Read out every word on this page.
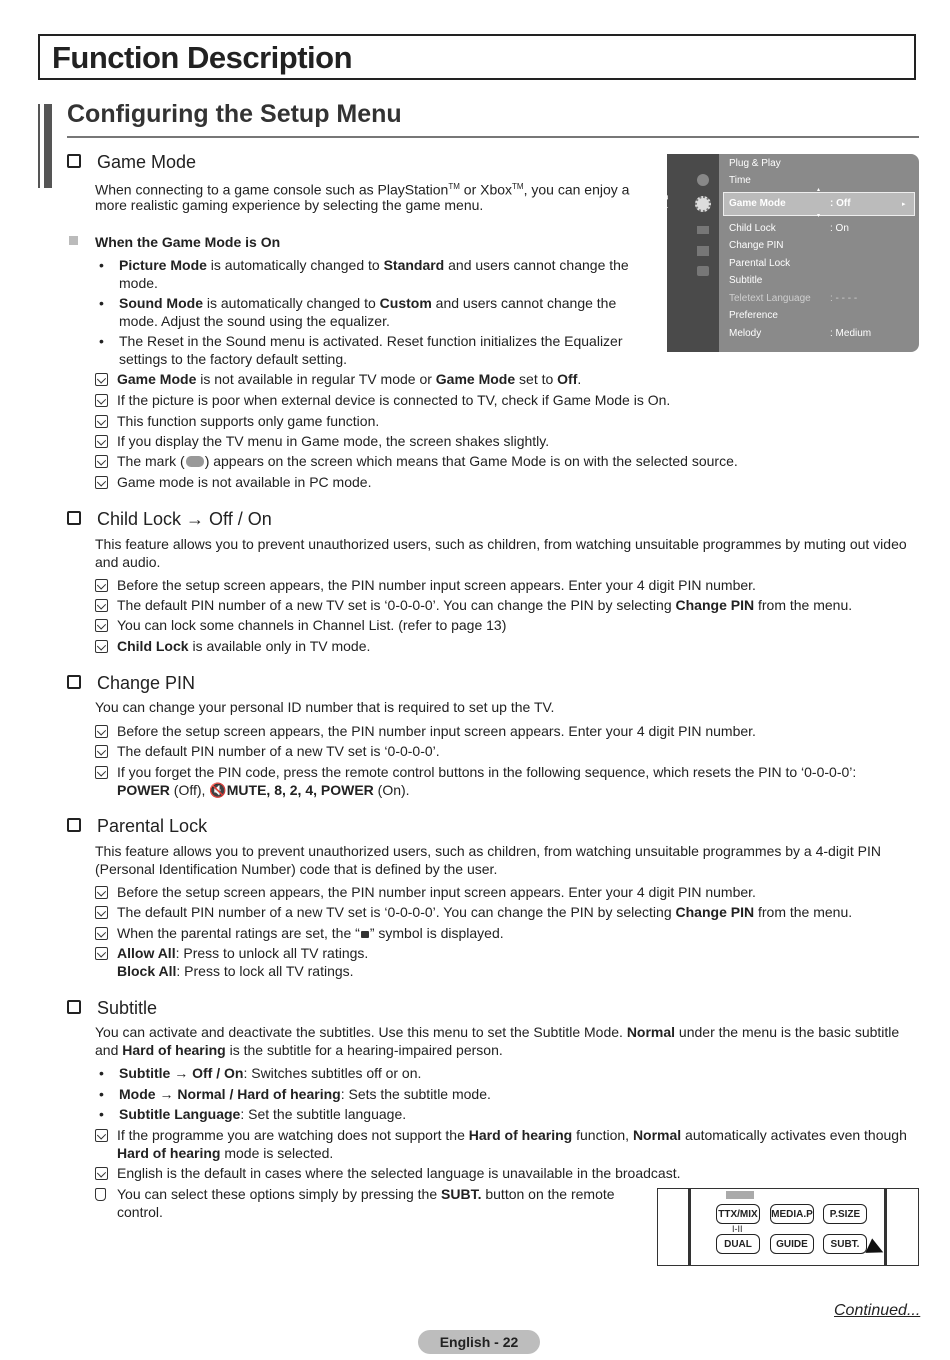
Function Description
Configuring the Setup Menu
Game Mode
When connecting to a game console such as PlayStation™ or Xbox™, you can enjoy a
more realistic gaming experience by selecting the game menu.
When the Game Mode is On
• Picture Mode is automatically changed to Standard and users cannot change the
mode.
• Sound Mode is automatically changed to Custom and users cannot change the
mode. Adjust the sound using the equalizer.
• The Reset in the Sound menu is activated. Reset function initializes the Equalizer
settings to the factory default setting.
Game Mode is not available in regular TV mode or Game Mode set to Off.
If the picture is poor when external device is connected to TV, check if Game Mode is On.
This function supports only game function.
If you display the TV menu in Game mode, the screen shakes slightly.
The mark ( ) appears on the screen which means that Game Mode is on with the selected source.
Game mode is not available in PC mode.
Setup
Plug & Play
Time
Game Mode	: Off	▸
▴
▾
Child Lock	: On
Change PIN
Parental Lock
Subtitle
Teletext Language : - - - -
Preference
Melody	: Medium
Child Lock → Off / On
This feature allows you to prevent unauthorized users, such as children, from watching unsuitable programmes by muting out video
and audio.
Before the setup screen appears, the PIN number input screen appears. Enter your 4 digit PIN number.
The default PIN number of a new TV set is ‘0-0-0-0’. You can change the PIN by selecting Change PIN from the menu.
You can lock some channels in Channel List. (refer to page 13)
Child Lock is available only in TV mode.
Change PIN
You can change your personal ID number that is required to set up the TV.
Before the setup screen appears, the PIN number input screen appears. Enter your 4 digit PIN number.
The default PIN number of a new TV set is ‘0-0-0-0’.
If you forget the PIN code, press the remote control buttons in the following sequence, which resets the PIN to ‘0-0-0-0’:
POWER (Off), 🔇MUTE, 8, 2, 4, POWER (On).
Parental Lock
This feature allows you to prevent unauthorized users, such as children, from watching unsuitable programmes by a 4-digit PIN
(Personal Identification Number) code that is defined by the user.
Before the setup screen appears, the PIN number input screen appears. Enter your 4 digit PIN number.
The default PIN number of a new TV set is ‘0-0-0-0’. You can change the PIN by selecting Change PIN from the menu.
When the parental ratings are set, the “ ” symbol is displayed.
Allow All: Press to unlock all TV ratings.
Block All: Press to lock all TV ratings.
Subtitle
You can activate and deactivate the subtitles. Use this menu to set the Subtitle Mode. Normal under the menu is the basic subtitle
and Hard of hearing is the subtitle for a hearing-impaired person.
• Subtitle → Off / On: Switches subtitles off or on.
• Mode → Normal / Hard of hearing: Sets the subtitle mode.
• Subtitle Language: Set the subtitle language.
If the programme you are watching does not support the Hard of hearing function, Normal automatically activates even though
Hard of hearing mode is selected.
English is the default in cases where the selected language is unavailable in the broadcast.
You can select these options simply by pressing the SUBT. button on the remote
control.	TTX/MIX MEDIA.P	P.SIZE
I-II
DUAL	GUIDE	SUBT.
Continued...
English - 22
